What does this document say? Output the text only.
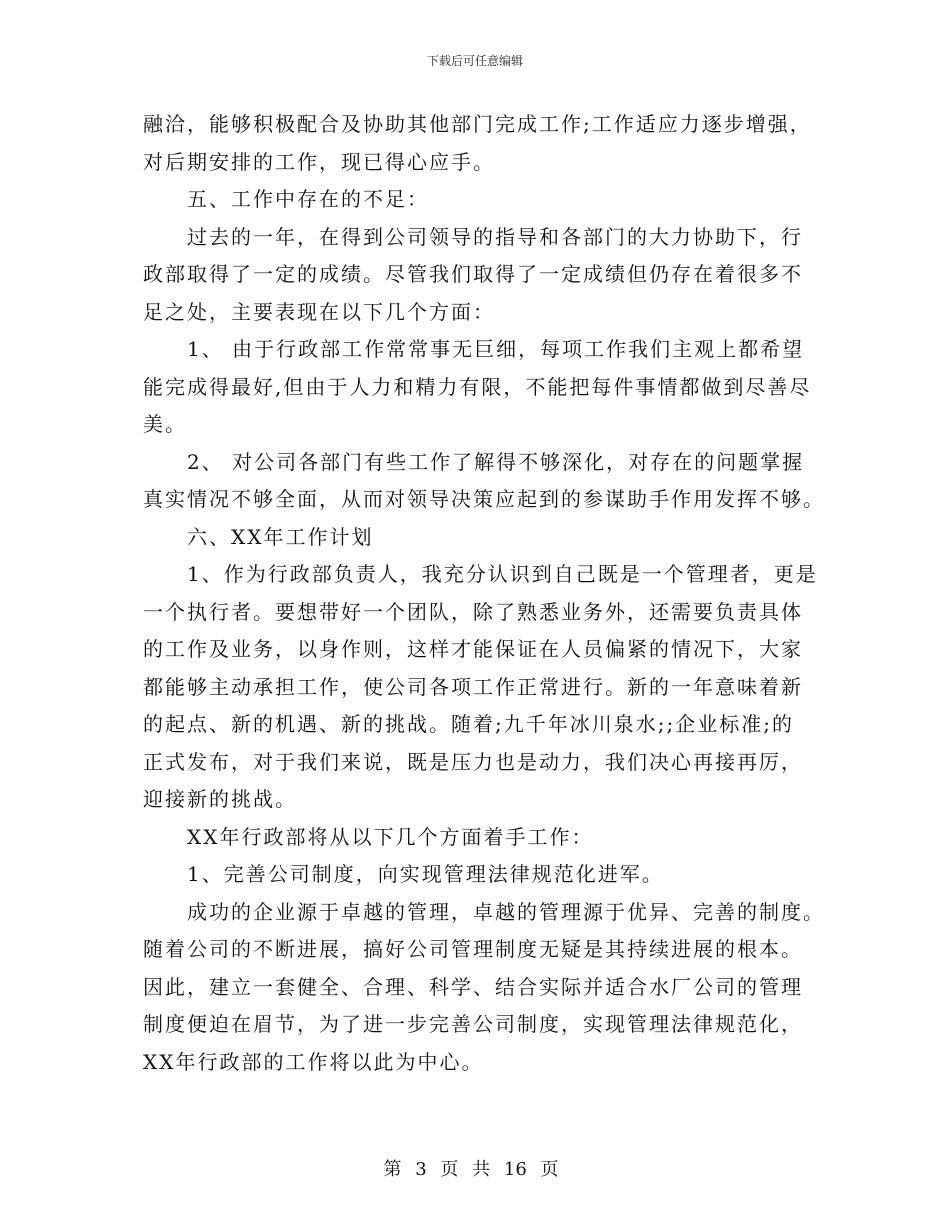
下载后可任意编辑
融洽，能够积极配合及协助其他部门完成工作;工作适应力逐步增强，
对后期安排的工作，现已得心应手。
五、工作中存在的不足：
过去的一年，在得到公司领导的指导和各部门的大力协助下，行
政部取得了一定的成绩。尽管我们取得了一定成绩但仍存在着很多不
足之处，主要表现在以下几个方面：
1、 由于行政部工作常常事无巨细，每项工作我们主观上都希望
能完成得最好,但由于人力和精力有限，不能把每件事情都做到尽善尽
美。
2、 对公司各部门有些工作了解得不够深化，对存在的问题掌握
真实情况不够全面，从而对领导决策应起到的参谋助手作用发挥不够。
六、XX年工作计划
1、作为行政部负责人，我充分认识到自己既是一个管理者，更是
一个执行者。要想带好一个团队，除了熟悉业务外，还需要负责具体
的工作及业务，以身作则，这样才能保证在人员偏紧的情况下，大家
都能够主动承担工作，使公司各项工作正常进行。新的一年意味着新
的起点、新的机遇、新的挑战。随着;九千年冰川泉水;;企业标准;的
正式发布，对于我们来说，既是压力也是动力，我们决心再接再厉，
迎接新的挑战。
XX年行政部将从以下几个方面着手工作：
1、完善公司制度，向实现管理法律规范化进军。
成功的企业源于卓越的管理，卓越的管理源于优异、完善的制度。
随着公司的不断进展，搞好公司管理制度无疑是其持续进展的根本。
因此，建立一套健全、合理、科学、结合实际并适合水厂公司的管理
制度便迫在眉节，为了进一步完善公司制度，实现管理法律规范化，
XX年行政部的工作将以此为中心。
第 3 页 共 16 页
